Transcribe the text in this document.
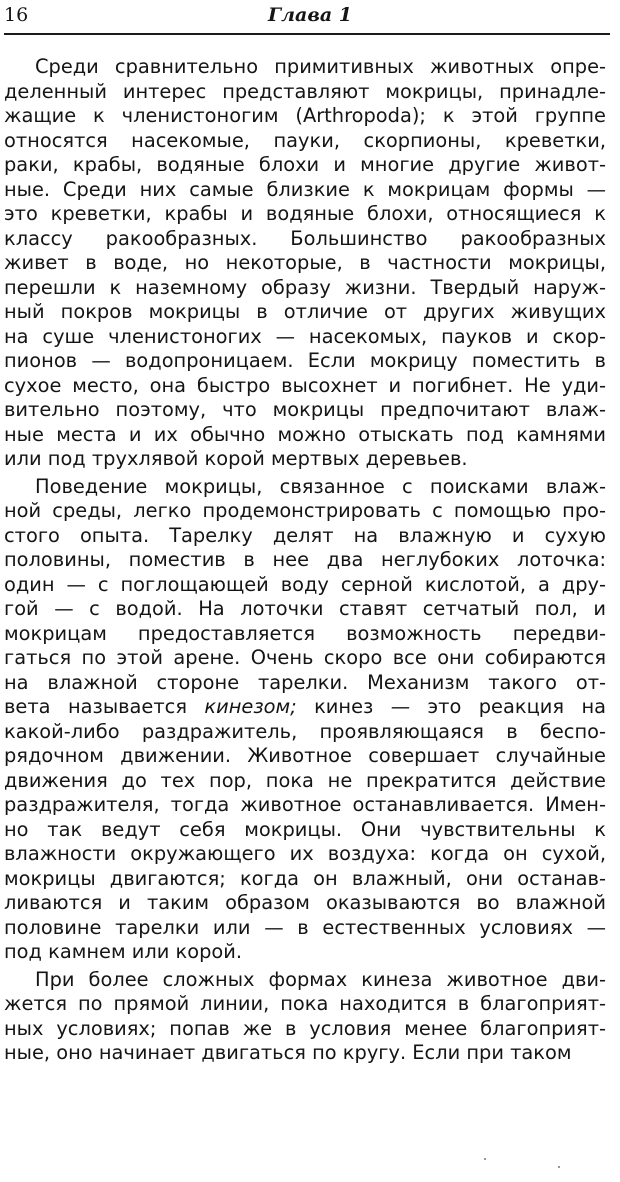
16	Глава 1
Среди сравнительно примитивных животных опре-
деленный интерес представляют мокрицы, принадле-
жащие к членистоногим (Arthropoda); к этой группе
относятся насекомые, пауки, скорпионы, креветки,
раки, крабы, водяные блохи и многие другие живот-
ные. Среди них самые близкие к мокрицам формы —
это креветки, крабы и водяные блохи, относящиеся к
классу ракообразных. Большинство ракообразных
живет в воде, но некоторые, в частности мокрицы,
перешли к наземному образу жизни. Твердый наруж-
ный покров мокрицы в отличие от других живущих
на суше членистоногих — насекомых, пауков и скор-
пионов — водопроницаем. Если мокрицу поместить в
сухое место, она быстро высохнет и погибнет. Не уди-
вительно поэтому, что мокрицы предпочитают влаж-
ные места и их обычно можно отыскать под камнями
или под трухлявой корой мертвых деревьев.
Поведение мокрицы, связанное с поисками влаж-
ной среды, легко продемонстрировать с помощью про-
стого опыта. Тарелку делят на влажную и сухую
половины, поместив в нее два неглубоких лоточка:
один — с поглощающей воду серной кислотой, а дру-
гой — с водой. На лоточки ставят сетчатый пол, и
мокрицам предоставляется возможность передви-
гаться по этой арене. Очень скоро все они собираются
на влажной стороне тарелки. Механизм такого от-
вета называется кинезом; кинез — это реакция на
какой-либо раздражитель, проявляющаяся в беспо-
рядочном движении. Животное совершает случайные
движения до тех пор, пока не прекратится действие
раздражителя, тогда животное останавливается. Имен-
но так ведут себя мокрицы. Они чувствительны к
влажности окружающего их воздуха: когда он сухой,
мокрицы двигаются; когда он влажный, они останав-
ливаются и таким образом оказываются во влажной
половине тарелки или — в естественных условиях —
под камнем или корой.
При более сложных формах кинеза животное дви-
жется по прямой линии, пока находится в благоприят-
ных условиях; попав же в условия менее благоприят-
ные, оно начинает двигаться по кругу. Если при таком
